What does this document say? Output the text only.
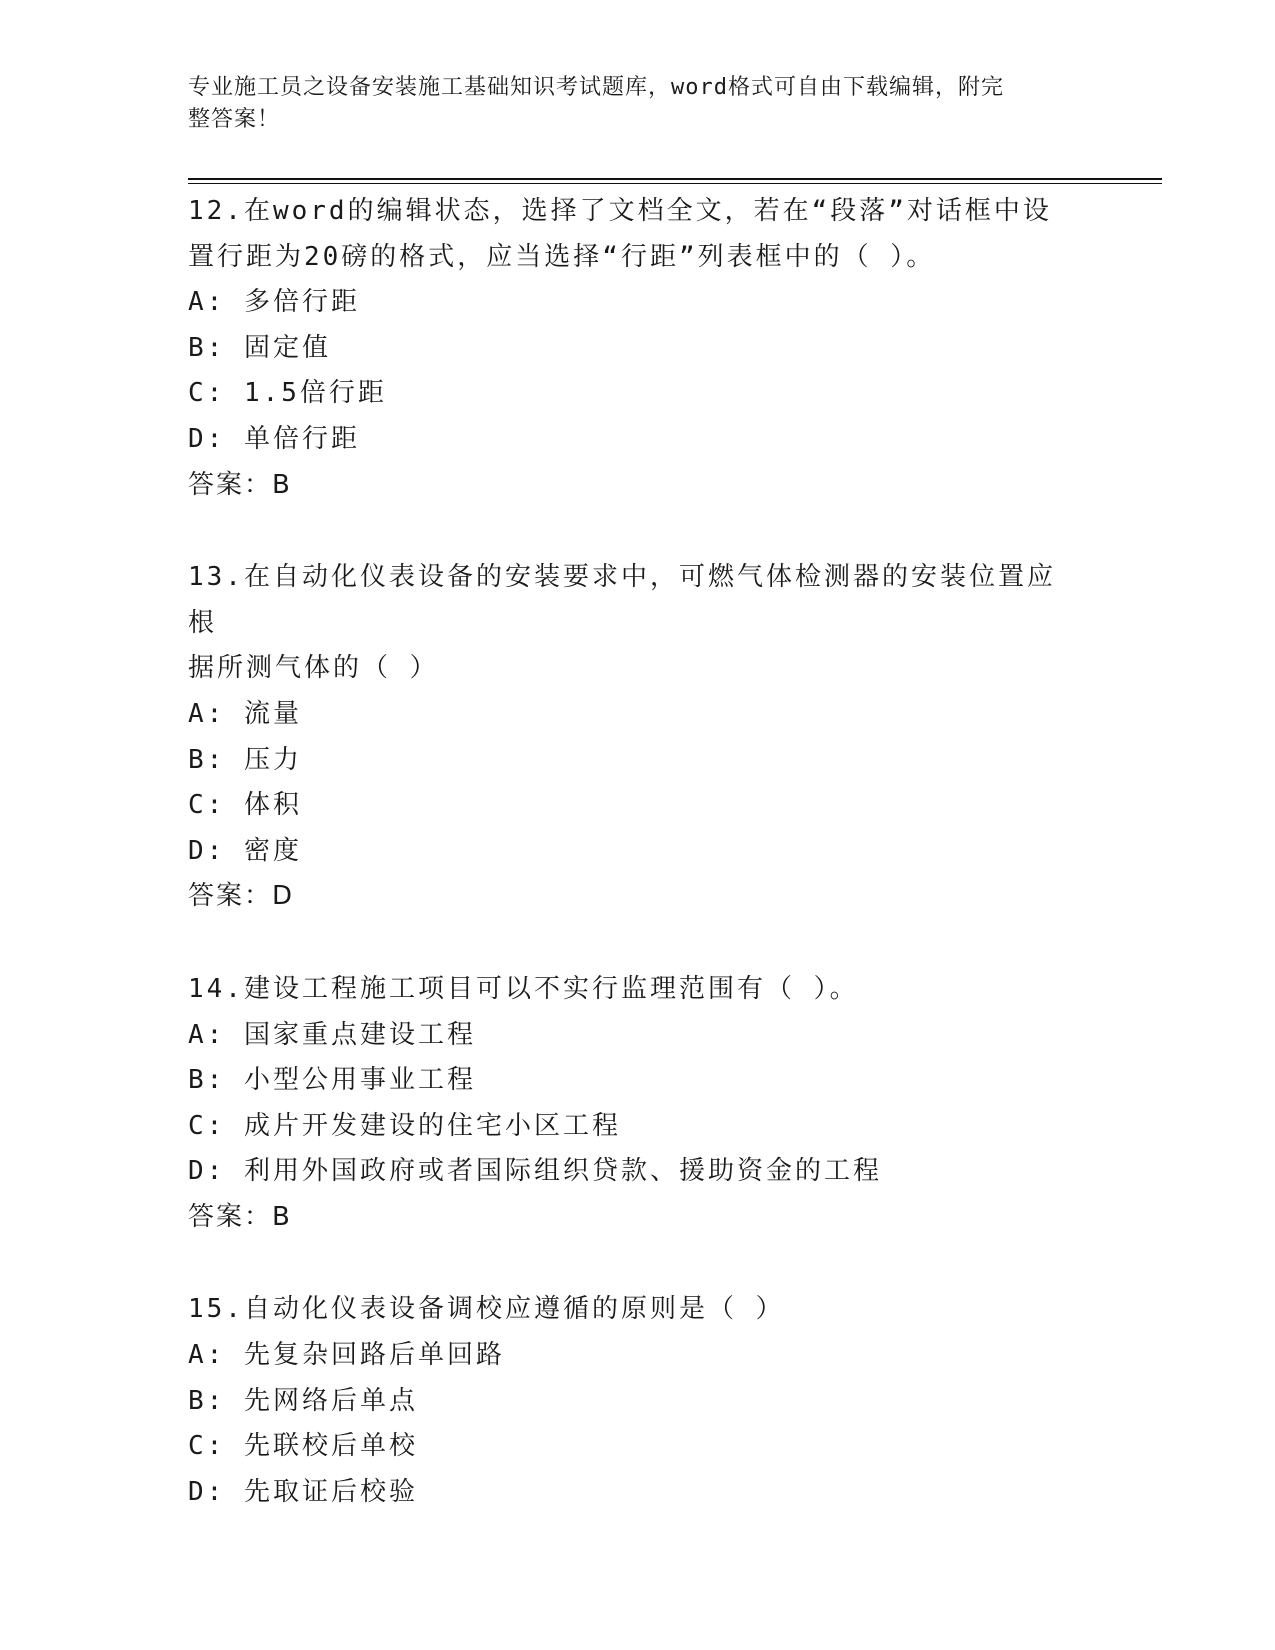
专业施工员之设备安装施工基础知识考试题库，word格式可自由下载编辑，附完
整答案！
12.在word的编辑状态，选择了文档全文，若在“段落”对话框中设
置行距为20磅的格式，应当选择“行距”列表框中的（ ）。
A: 多倍行距
B: 固定值
C: 1.5倍行距
D: 单倍行距
答案：B
13.在自动化仪表设备的安装要求中，可燃气体检测器的安装位置应根
据所测气体的（ ）
A: 流量
B: 压力
C: 体积
D: 密度
答案：D
14.建设工程施工项目可以不实行监理范围有（ ）。
A: 国家重点建设工程
B: 小型公用事业工程
C: 成片开发建设的住宅小区工程
D: 利用外国政府或者国际组织贷款、援助资金的工程
答案：B
15.自动化仪表设备调校应遵循的原则是（ ）
A: 先复杂回路后单回路
B: 先网络后单点
C: 先联校后单校
D: 先取证后校验
